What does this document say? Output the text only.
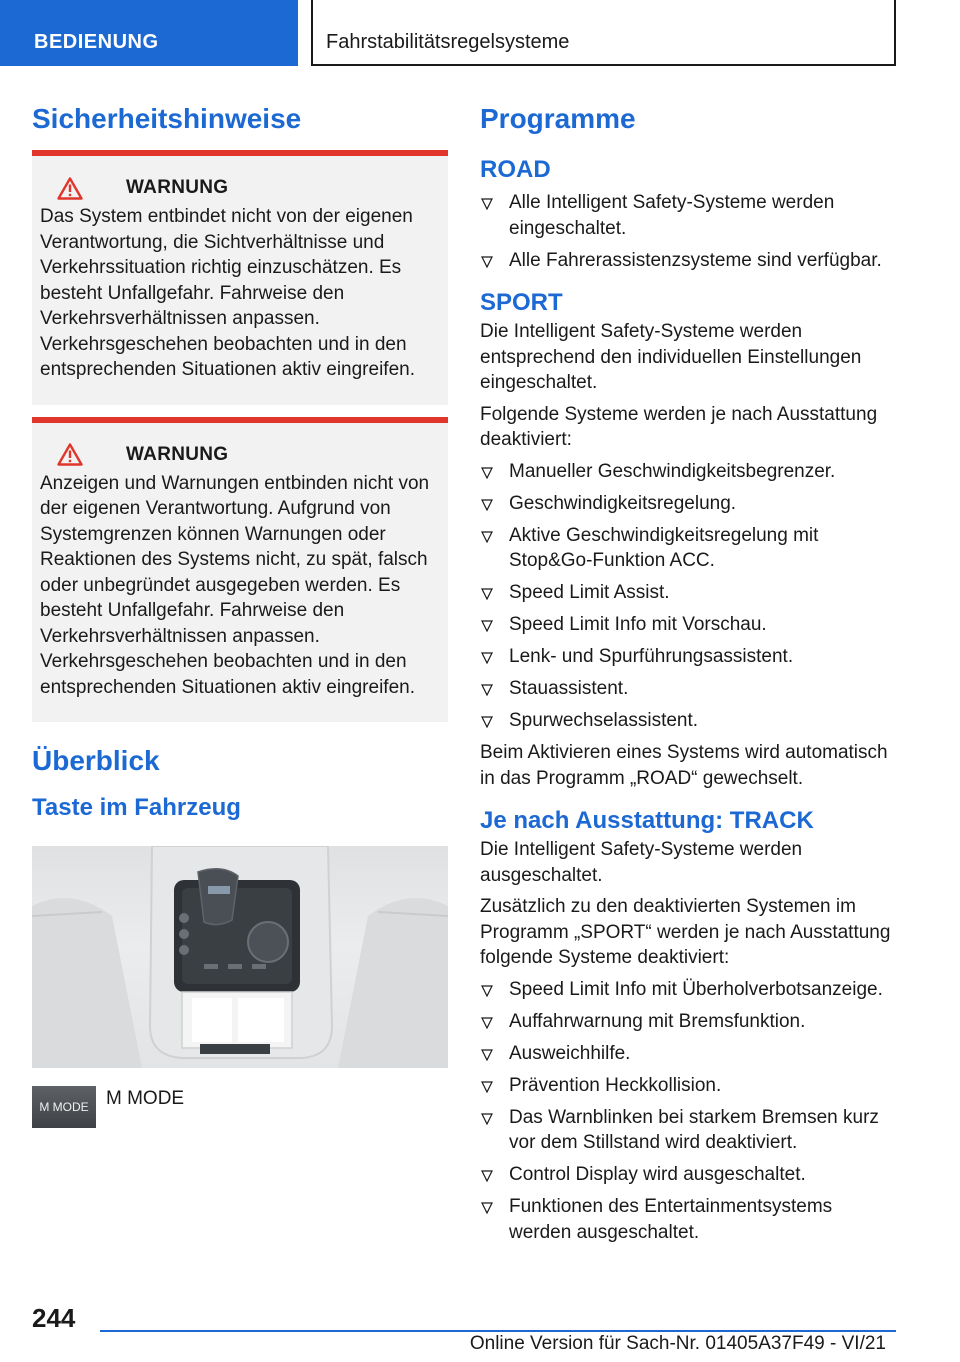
BEDIENUNG	Fahrstabilitätsregelsysteme
Sicherheitshinweise
WARNUNG

Das System entbindet nicht von der eigenen Verantwortung, die Sichtverhältnisse und Verkehrssituation richtig einzuschätzen. Es besteht Unfallgefahr. Fahrweise den Verkehrsverhältnissen anpassen. Verkehrsgeschehen beobachten und in den entsprechenden Situationen aktiv eingreifen.

WARNUNG

Anzeigen und Warnungen entbinden nicht von der eigenen Verantwortung. Aufgrund von Systemgrenzen können Warnungen oder Reaktionen des Systems nicht, zu spät, falsch oder unbegründet ausgegeben werden. Es besteht Unfallgefahr. Fahrweise den Verkehrsverhältnissen anpassen. Verkehrsgeschehen beobachten und in den entsprechenden Situationen aktiv eingreifen.

Überblick
Taste im Fahrzeug
M MODE M MODE
Programme
ROAD
Alle Intelligent Safety-Systeme werden eingeschaltet.
Alle Fahrerassistenzsysteme sind verfügbar.
SPORT

Die Intelligent Safety-Systeme werden entsprechend den individuellen Einstellungen eingeschaltet.

Folgende Systeme werden je nach Ausstattung deaktiviert:

Manueller Geschwindigkeitsbegrenzer.
Geschwindigkeitsregelung.
Aktive Geschwindigkeitsregelung mit Stop&Go-Funktion ACC.
Speed Limit Assist.
Speed Limit Info mit Vorschau.
Lenk- und Spurführungsassistent.
Stauassistent.
Spurwechselassistent.

Beim Aktivieren eines Systems wird automatisch in das Programm „ROAD“ gewechselt.

Je nach Ausstattung: TRACK

Die Intelligent Safety-Systeme werden ausgeschaltet.

Zusätzlich zu den deaktivierten Systemen im Programm „SPORT“ werden je nach Ausstattung folgende Systeme deaktiviert:

Speed Limit Info mit Überholverbotsanzeige.
Auffahrwarnung mit Bremsfunktion.
Ausweichhilfe.
Prävention Heckkollision.
Das Warnblinken bei starkem Bremsen kurz vor dem Stillstand wird deaktiviert.
Control Display wird ausgeschaltet.
Funktionen des Entertainmentsystems werden ausgeschaltet.
244
Online Version für Sach-Nr. 01405A37F49 - VI/21
